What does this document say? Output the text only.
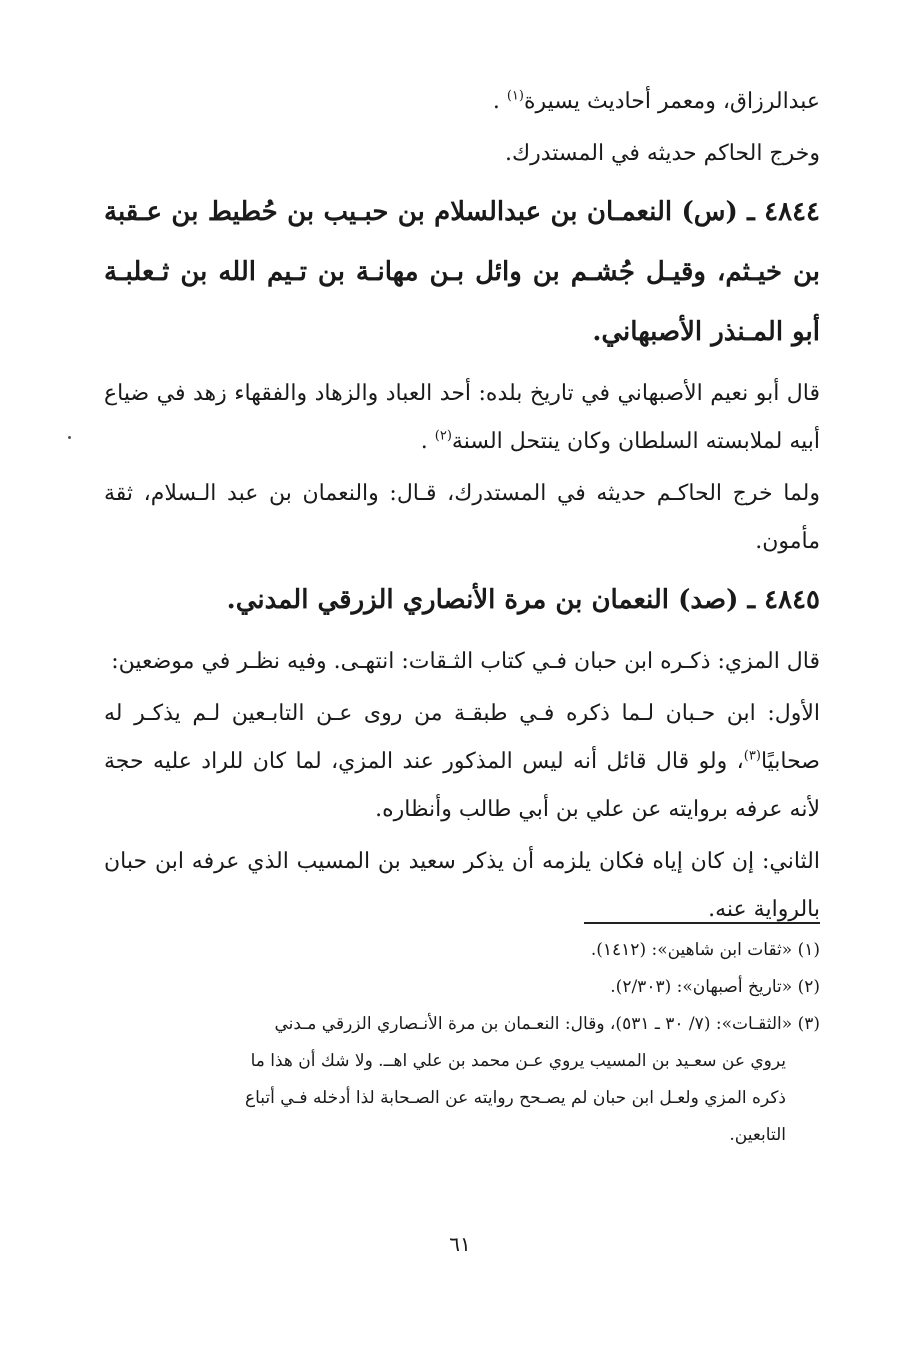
عبدالرزاق، ومعمر أحاديث يسيرة$^{(١)}$ .

وخرج الحاكم حديثه في المستدرك.

٤٨٤٤ ـ (س) النعمـان بن عبدالسلام بن حبـيب بن حُطيط بن عـقبة بن خيـثم، وقيـل جُشـم بن وائل بـن مهانـة بن تـيم الله بن ثـعلبـة أبو المـنذر الأصبهاني.

قال أبو نعيم الأصبهاني في تاريخ بلده: أحد العباد والزهاد والفقهاء زهد في ضياع أبيه لملابسته السلطان وكان ينتحل السنة$^{(٢)}$ .

ولما خرج الحاكـم حديثه في المستدرك، قـال: والنعمان بن عبد الـسلام، ثقة مأمون.

٤٨٤٥ ـ (صد) النعمان بن مرة الأنصاري الزرقي المدني.

قال المزي: ذكـره ابن حبان فـي كتاب الثـقات: انتهـى. وفيه نظـر في موضعين:

الأول: ابن حـبان لـما ذكره فـي طبقـة من روى عـن التابـعين لـم يذكـر له صحابيًا$^{(٣)}$، ولو قال قائل أنه ليس المذكور عند المزي، لما كان للراد عليه حجة لأنه عرفه بروايته عن علي بن أبي طالب وأنظاره.

الثاني: إن كان إياه فكان يلزمه أن يذكر سعيد بن المسيب الذي عرفه ابن حبان بالرواية عنه.

(١) «ثقات ابن شاهين»: (١٤١٢).

(٢) «تاريخ أصبهان»: (٢/٣٠٣).

(٣) «الثقـات»: (٧/ ٣٠ ـ ٥٣١)، وقال: النعـمان بن مرة الأنـصاري الزرقي مـدني

يروي عن سعـيد بن المسيب يروي عـن محمد بن علي اهــ. ولا شك أن هذا ما

ذكره المزي ولعـل ابن حبان لم يصـحح روايته عن الصـحابة لذا أدخله فـي أتباع

التابعين.

٦١
